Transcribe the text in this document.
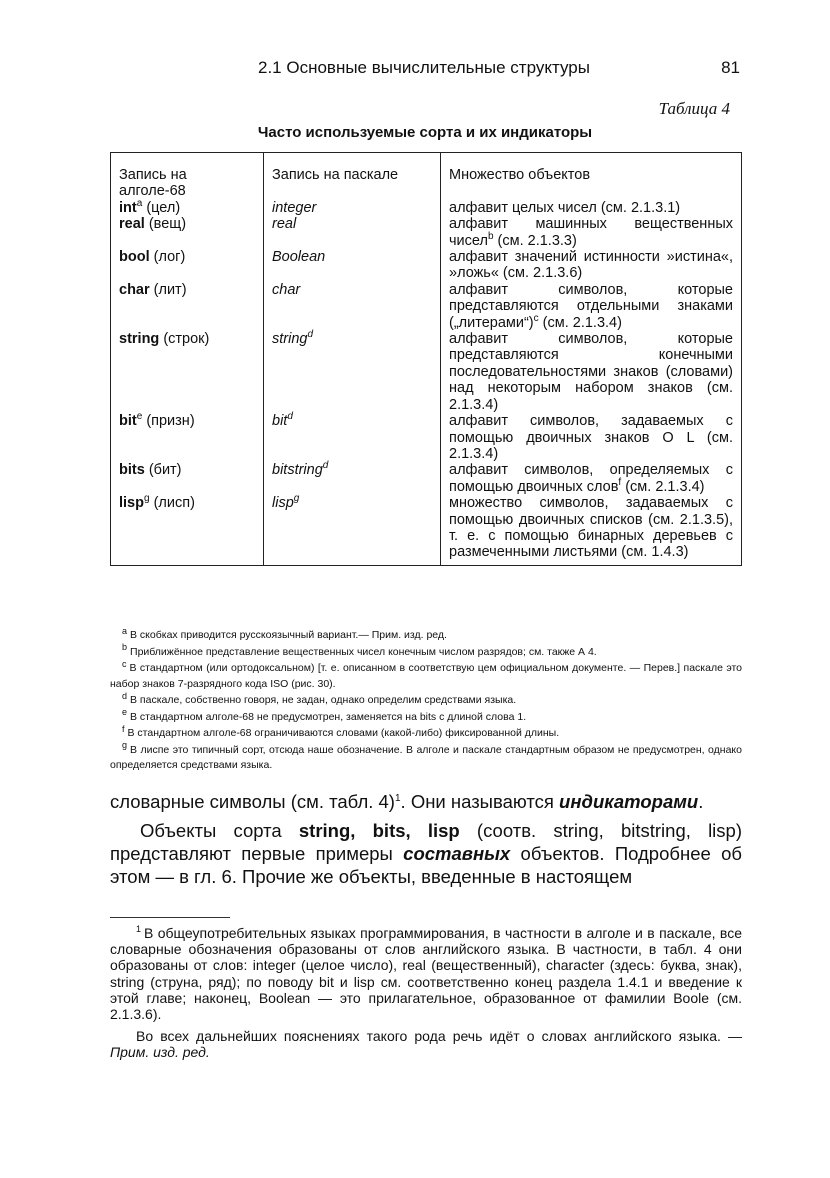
2.1 Основные вычислительные структуры	81
Таблица 4
Часто используемые сорта и их индикаторы
Запись на алголе-68	Запись на паскале	Множество объектов
int$^a$ (цел)	integer	алфавит целых чисел (см. 2.1.3.1)
real (вещ)	real	алфавит машинных вещественных чисел$^b$ (см. 2.1.3.3)
bool (лог)	Boolean	алфавит значений истинности »истина«, »ложь« (см. 2.1.3.6)
char (лит)	char	алфавит символов, которые представляются отдельными знаками („литерами“)$^c$ (см. 2.1.3.4)
string (строк)	string$^d$	алфавит символов, которые представляются конечными последовательностями знаков (словами) над некоторым набором знаков (см. 2.1.3.4)
bit$^e$ (призн)	bit$^d$	алфавит символов, задаваемых с помощью двоичных знаков O L (см. 2.1.3.4)
bits (бит)	bitstring$^d$	алфавит символов, определяемых с помощью двоичных слов$^f$ (см. 2.1.3.4)
lisp$^g$ (лисп)	lisp$^g$	множество символов, задаваемых с помощью двоичных списков (см. 2.1.3.5), т. е. с помощью бинарных деревьев с размеченными листьями (см. 1.4.3)

a В скобках приводится русскоязычный вариант.— Прим. изд. ред.

b Приближённое представление вещественных чисел конечным числом разрядов; см. также А 4.

c В стандартном (или ортодоксальном) [т. е. описанном в соответствую цем официальном документе. — Перев.] паскале это набор знаков 7-разрядного кода ISO (рис. 30).

d В паскале, собственно говоря, не задан, однако определим средствами языка.

e В стандартном алголе-68 не предусмотрен, заменяется на bits с длиной слова 1.

f В стандартном алголе-68 ограничиваются словами (какой-либо) фиксированной длины.

g В лиспе это типичный сорт, отсюда наше обозначение. В алголе и паскале стандартным образом не предусмотрен, однако определяется средствами языка.

словарные символы (см. табл. 4)$^1$. Они называются индикаторами.

Объекты сорта string, bits, lisp (соотв. string, bitstring, lisp) представляют первые примеры составных объектов. Подробнее об этом — в гл. 6. Прочие же объекты, введенные в настоящем

$^1$ В общеупотребительных языках программирования, в частности в алголе и в паскале, все словарные обозначения образованы от слов английского языка. В частности, в табл. 4 они образованы от слов: integer (целое число), real (вещественный), character (здесь: буква, знак), string (струна, ряд); по поводу bit и lisp см. соответственно конец раздела 1.4.1 и введение к этой главе; наконец, Boolean — это прилагательное, образованное от фамилии Boole (см. 2.1.3.6).

Во всех дальнейших пояснениях такого рода речь идёт о словах английского языка. — Прим. изд. ред.
